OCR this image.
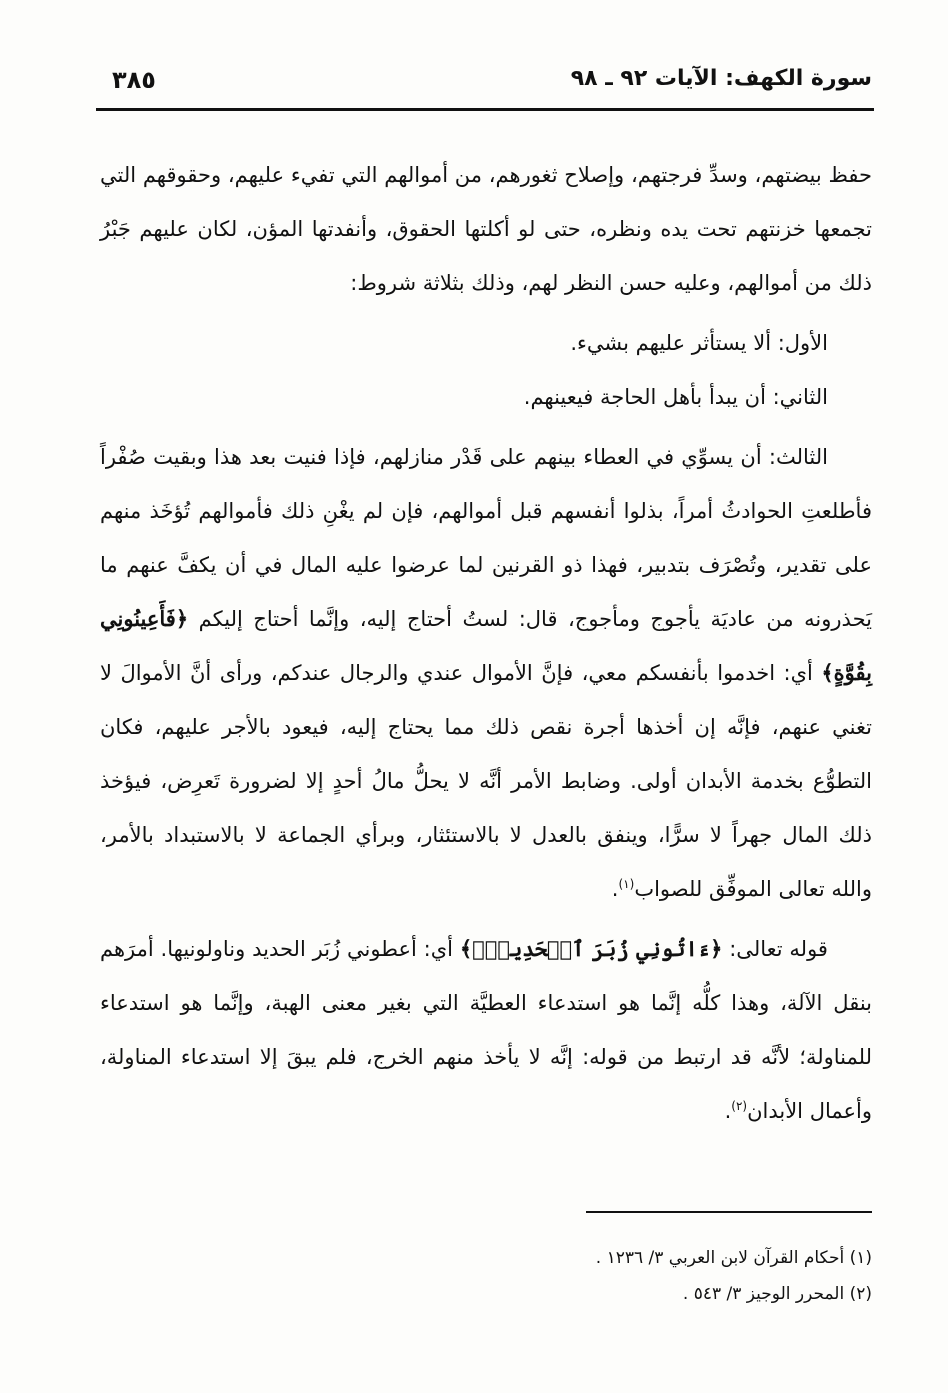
سورة الكهف: الآيات ٩٢ ـ ٩٨
٣٨٥

حفظ بيضتهم، وسدِّ فرجتهم، وإصلاح ثغورهم، من أموالهم التي تفيء عليهم، وحقوقهم التي تجمعها خزنتهم تحت يده ونظره، حتى لو أكلتها الحقوق، وأنفدتها المؤن، لكان عليهم جَبْرُ ذلك من أموالهم، وعليه حسن النظر لهم، وذلك بثلاثة شروط:

الأول: ألا يستأثر عليهم بشيء.

الثاني: أن يبدأ بأهل الحاجة فيعينهم.

الثالث: أن يسوِّي في العطاء بينهم على قَدْر منازلهم، فإذا فنيت بعد هذا وبقيت صُفْراً فأطلعتِ الحوادثُ أمراً، بذلوا أنفسهم قبل أموالهم، فإن لم يغْنِ ذلك فأموالهم تُؤخَذ منهم على تقدير، وتُصْرَف بتدبير، فهذا ذو القرنين لما عرضوا عليه المال في أن يكفَّ عنهم ما يَحذرونه من عاديَة يأجوج ومأجوج، قال: لستُ أحتاج إليه، وإنَّما أحتاج إليكم ﴿فَأَعِينُونِي بِقُوَّةٍ﴾ أي: اخدموا بأنفسكم معي، فإنَّ الأموال عندي والرجال عندكم، ورأى أنَّ الأموالَ لا تغني عنهم، فإنَّه إن أخذها أجرة نقص ذلك مما يحتاج إليه، فيعود بالأجر عليهم، فكان التطوُّع بخدمة الأبدان أولى. وضابط الأمر أنَّه لا يحلُّ مالُ أحدٍ إلا لضرورة تَعرِض، فيؤخذ ذلك المال جهراً لا سرًّا، وينفق بالعدل لا بالاستئثار، وبرأي الجماعة لا بالاستبداد بالأمر، والله تعالى الموفِّق للصواب$^{(١)}$.

قوله تعالى: ﴿ءَاتُونِي زُبَرَ ٱلۡحَدِيدِۖ﴾ أي: أعطوني زُبَر الحديد وناولونيها. أمرَهم بنقل الآلة، وهذا كلُّه إنَّما هو استدعاء العطيَّة التي بغير معنى الهبة، وإنَّما هو استدعاء للمناولة؛ لأنَّه قد ارتبط من قوله: إنَّه لا يأخذ منهم الخرج، فلم يبقَ إلا استدعاء المناولة، وأعمال الأبدان$^{(٢)}$.

(١) أحكام القرآن لابن العربي ٣/ ١٢٣٦ .

(٢) المحرر الوجيز ٣/ ٥٤٣ .
